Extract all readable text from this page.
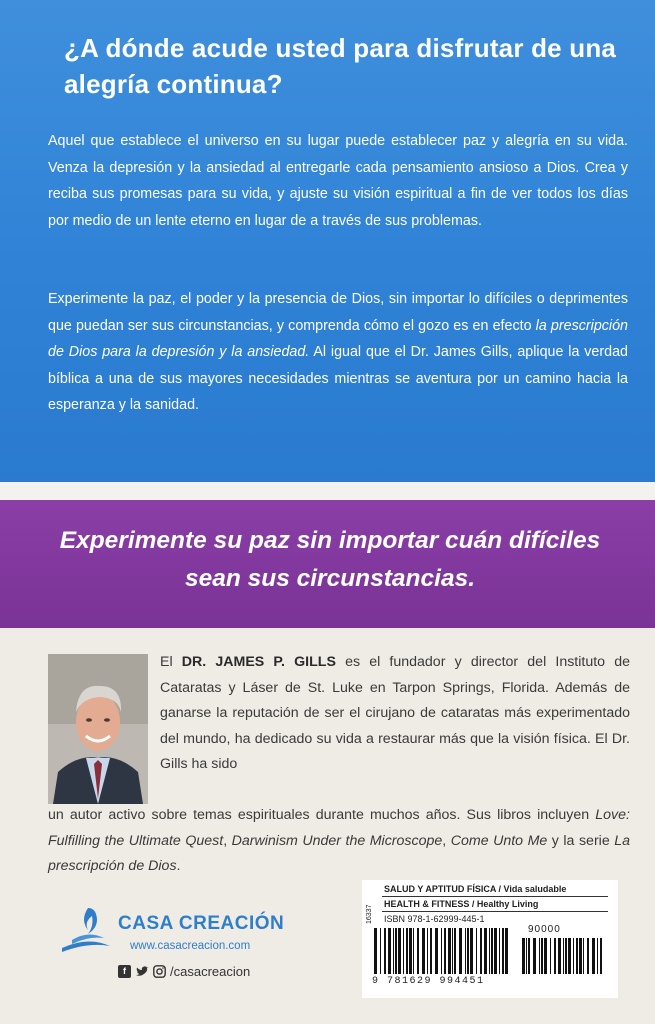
¿A dónde acude usted para disfrutar de una alegría continua?
Aquel que establece el universo en su lugar puede establecer paz y alegría en su vida. Venza la depresión y la ansiedad al entregarle cada pensamiento ansioso a Dios. Crea y reciba sus promesas para su vida, y ajuste su visión espiritual a fin de ver todos los días por medio de un lente eterno en lugar de a través de sus problemas.
Experimente la paz, el poder y la presencia de Dios, sin importar lo difíciles o deprimentes que puedan ser sus circunstancias, y comprenda cómo el gozo es en efecto la prescripción de Dios para la depresión y la ansiedad. Al igual que el Dr. James Gills, aplique la verdad bíblica a una de sus mayores necesidades mientras se aventura por un camino hacia la esperanza y la sanidad.
Experimente su paz sin importar cuán difíciles sean sus circunstancias.
El DR. JAMES P. GILLS es el fundador y director del Instituto de Cataratas y Láser de St. Luke en Tarpon Springs, Florida. Además de ganarse la reputación de ser el cirujano de cataratas más experimentado del mundo, ha dedicado su vida a restaurar más que la visión física. El Dr. Gills ha sido
un autor activo sobre temas espirituales durante muchos años. Sus libros incluyen Love: Fulfilling the Ultimate Quest, Darwinism Under the Microscope, Come Unto Me y la serie La prescripción de Dios.
CASA CREACIÓN
www.casacreacion.com
f	/casacreacion
16337
SALUD Y APTITUD FÍSICA / Vida saludable
HEALTH & FITNESS / Healthy Living
ISBN 978-1-62999-445-1
90000
9 781629 994451
